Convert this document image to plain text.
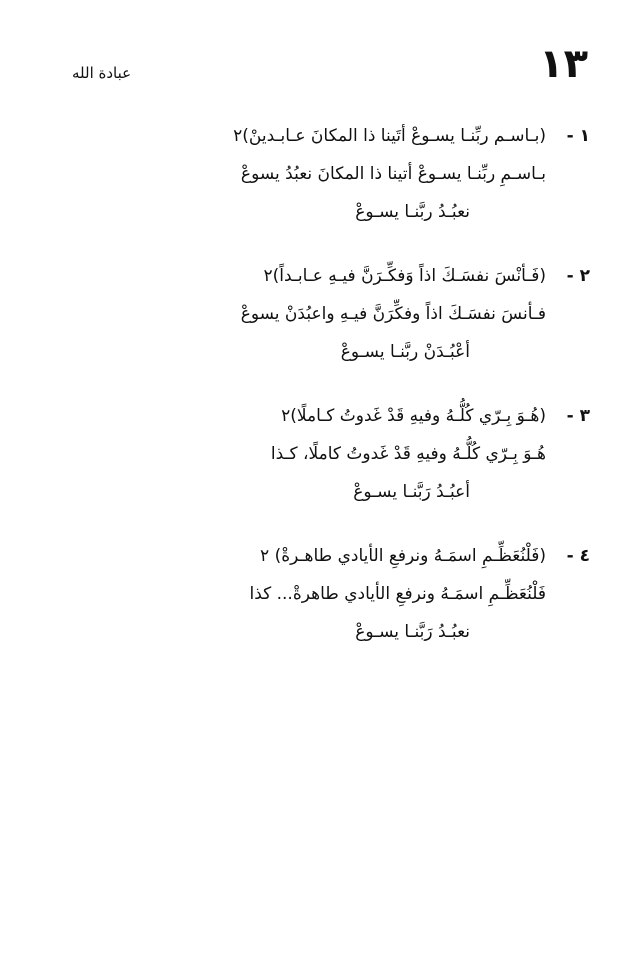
١٣
عبادة الله
١ -
(بـاسـم ربِّنـا يسـوعْ أتَينا ذا المكانَ عـابـدينْ)٢
بـاسـمِ ربِّنـا يسـوعْ أتينا ذا المكانَ نعبُدُ يسوعْ
نعبُـدُ ربَّنـا يسـوعْ
٢ -
(فَـأنْسَ نفسَـكَ اذاً وَفكِّـرَنَّ فيـهِ عـابـداً)٢
فـأنسَ نفسَـكَ اذاً وفكِّرَنَّ فيـهِ واعبُدَنْ يسوعْ
أعْبُـدَنْ ربَّنـا يسـوعْ
٣ -
(هُـوَ بِـرّي كُلُّـهُ وفيهِ قَدْ غَدوتُ كـاملًا)٢
هُـوَ بِـرّي كُلُّـهُ وفيهِ قَدْ غَدوتُ كاملًا، كـذا
أعبُـدُ رَبَّنـا يسـوعْ
٤ -
(فَلْنُعَظِّـمِ اسمَـهُ ونرفعِ الأيادي طاهـرةْ) ٢
فَلْنُعَظِّـمِ اسمَـهُ ونرفعِ الأيادي طاهرةْ... كذا
نعبُـدُ رَبَّنـا يسـوعْ
